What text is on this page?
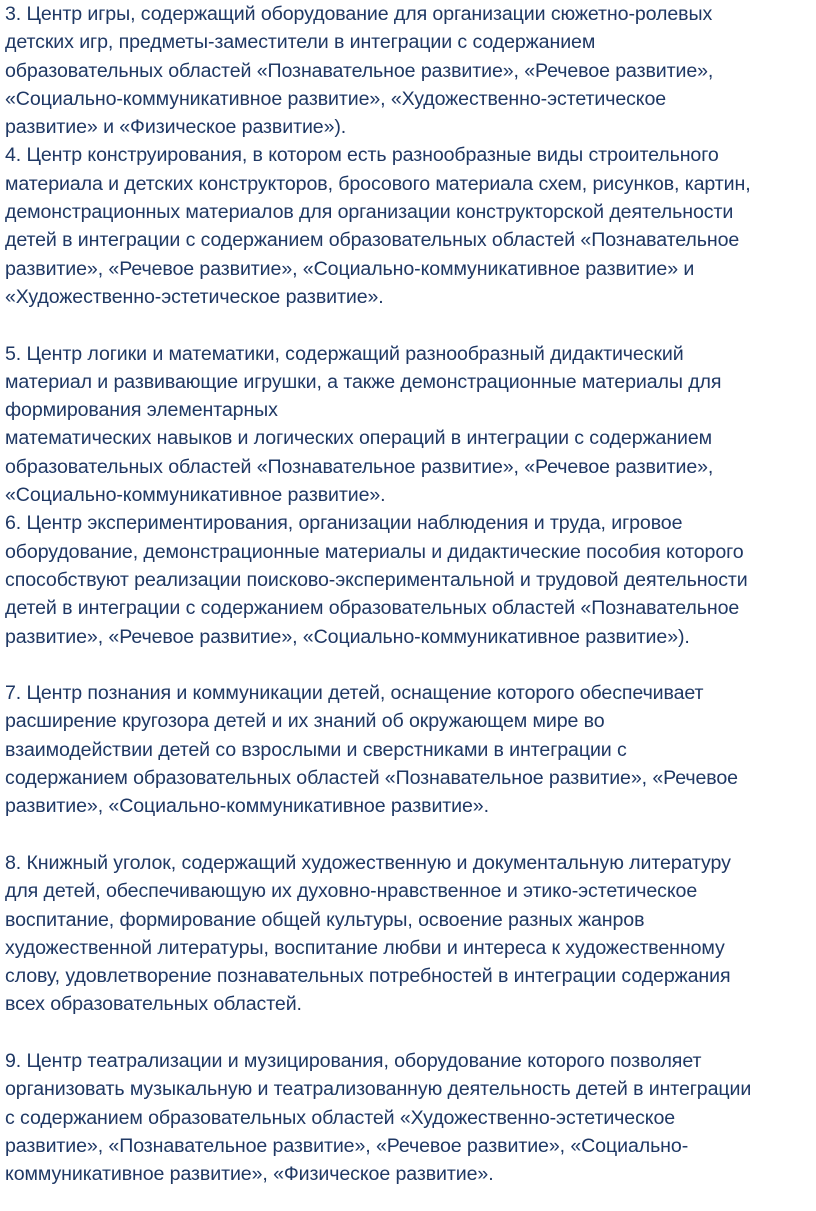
3. Центр игры, содержащий оборудование для организации сюжетно-ролевых
детских игр, предметы-заместители в интеграции с содержанием
образовательных областей «Познавательное развитие», «Речевое развитие»,
«Социально-коммуникативное развитие», «Художественно-эстетическое
развитие» и «Физическое развитие»).
4. Центр конструирования, в котором есть разнообразные виды строительного
материала и детских конструкторов, бросового материала схем, рисунков, картин,
демонстрационных материалов для организации конструкторской деятельности
детей в интеграции с содержанием образовательных областей «Познавательное
развитие», «Речевое развитие», «Социально-коммуникативное развитие» и
«Художественно-эстетическое развитие».
5. Центр логики и математики, содержащий разнообразный дидактический
материал и развивающие игрушки, а также демонстрационные материалы для
формирования элементарных
математических навыков и логических операций в интеграции с содержанием
образовательных областей «Познавательное развитие», «Речевое развитие»,
«Социально-коммуникативное развитие».
6. Центр экспериментирования, организации наблюдения и труда, игровое
оборудование, демонстрационные материалы и дидактические пособия которого
способствуют реализации поисково-экспериментальной и трудовой деятельности
детей в интеграции с содержанием образовательных областей «Познавательное
развитие», «Речевое развитие», «Социально-коммуникативное развитие»).
7. Центр познания и коммуникации детей, оснащение которого обеспечивает
расширение кругозора детей и их знаний об окружающем мире во
взаимодействии детей со взрослыми и сверстниками в интеграции с
содержанием образовательных областей «Познавательное развитие», «Речевое
развитие», «Социально-коммуникативное развитие».
8. Книжный уголок, содержащий художественную и документальную литературу
для детей, обеспечивающую их духовно-нравственное и этико-эстетическое
воспитание, формирование общей культуры, освоение разных жанров
художественной литературы, воспитание любви и интереса к художественному
слову, удовлетворение познавательных потребностей в интеграции содержания
всех образовательных областей.
9. Центр театрализации и музицирования, оборудование которого позволяет
организовать музыкальную и театрализованную деятельность детей в интеграции
с содержанием образовательных областей «Художественно-эстетическое
развитие», «Познавательное развитие», «Речевое развитие», «Социально-
коммуникативное развитие», «Физическое развитие».
